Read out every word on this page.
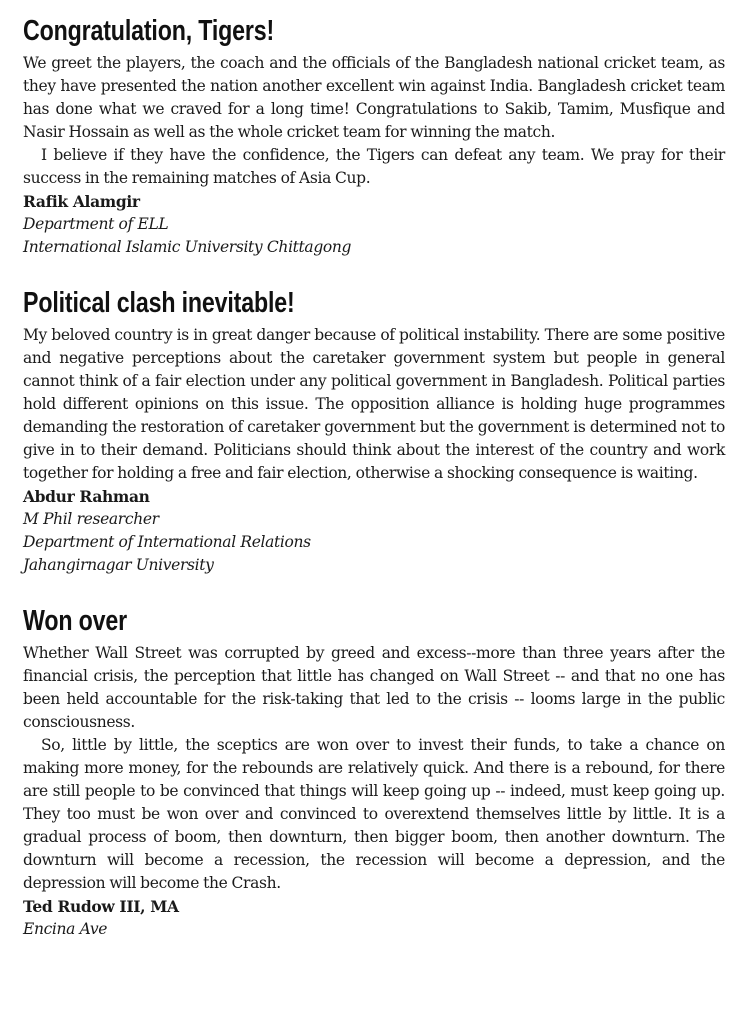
Congratulation, Tigers!

We greet the players, the coach and the officials of the Bangladesh national cricket team, as they have presented the nation another excellent win against India. Bangladesh cricket team has done what we craved for a long time! Congratulations to Sakib, Tamim, Musfique and Nasir Hossain as well as the whole cricket team for winning the match.

I believe if they have the confidence, the Tigers can defeat any team. We pray for their success in the remaining matches of Asia Cup.

Rafik Alamgir
Department of ELL
International Islamic University Chittagong
Political clash inevitable!

My beloved country is in great danger because of political instability. There are some positive and negative perceptions about the caretaker government system but people in general cannot think of a fair election under any political government in Bangladesh. Political parties hold different opinions on this issue. The opposition alliance is holding huge programmes demanding the restoration of caretaker government but the government is determined not to give in to their demand. Politicians should think about the interest of the country and work together for holding a free and fair election, otherwise a shocking consequence is waiting.

Abdur Rahman
M Phil researcher
Department of International Relations
Jahangirnagar University
Won over

Whether Wall Street was corrupted by greed and excess--more than three years after the financial crisis, the perception that little has changed on Wall Street -- and that no one has been held accountable for the risk-taking that led to the crisis -- looms large in the public consciousness.

So, little by little, the sceptics are won over to invest their funds, to take a chance on making more money, for the rebounds are relatively quick. And there is a rebound, for there are still people to be convinced that things will keep going up -- indeed, must keep going up. They too must be won over and convinced to overextend themselves little by little. It is a gradual process of boom, then downturn, then bigger boom, then another downturn. The downturn will become a recession, the recession will become a depression, and the depression will become the Crash.

Ted Rudow III, MA
Encina Ave
